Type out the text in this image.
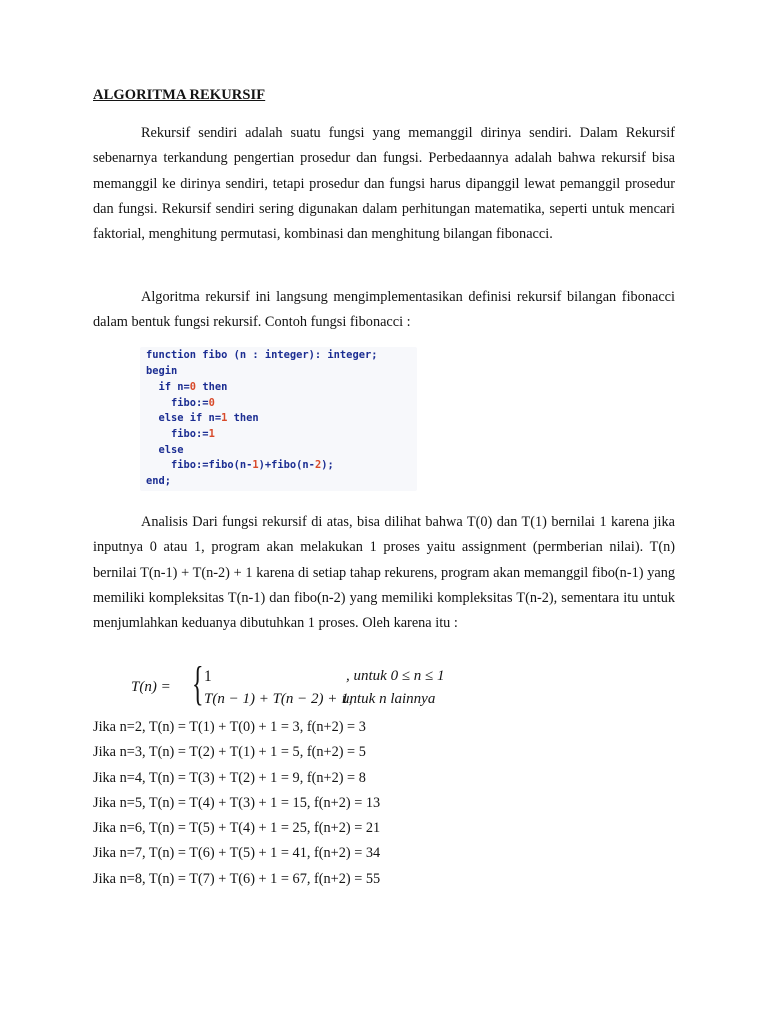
ALGORITMA REKURSIF

Rekursif sendiri adalah suatu fungsi yang memanggil dirinya sendiri. Dalam Rekursif sebenarnya terkandung pengertian prosedur dan fungsi. Perbedaannya adalah bahwa rekursif bisa memanggil ke dirinya sendiri, tetapi prosedur dan fungsi harus dipanggil lewat pemanggil prosedur dan fungsi. Rekursif sendiri sering digunakan dalam perhitungan matematika, seperti untuk mencari faktorial, menghitung permutasi, kombinasi dan menghitung bilangan fibonacci.

Algoritma rekursif ini langsung mengimplementasikan definisi rekursif bilangan fibonacci dalam bentuk fungsi rekursif. Contoh fungsi fibonacci :

function fibo (n : integer): integer;
begin
if n=0 then
fibo:=0
else if n=1 then
fibo:=1
else
fibo:=fibo(n-1)+fibo(n-2);
end;

Analisis Dari fungsi rekursif di atas, bisa dilihat bahwa T(0) dan T(1) bernilai 1 karena jika inputnya 0 atau 1, program akan melakukan 1 proses yaitu assignment (permberian nilai). T(n) bernilai T(n-1) + T(n-2) + 1 karena di setiap tahap rekurens, program akan memanggil fibo(n-1) yang memiliki kompleksitas T(n-1) dan fibo(n-2) yang memiliki kompleksitas T(n-2), sementara itu untuk menjumlahkan keduanya dibutuhkan 1 proses. Oleh karena itu :

T(n) = { 1	, untuk 0 ≤ n ≤ 1
T(n − 1) + T(n − 2) + 1,
untuk n lainnya
Jika n=2, T(n) = T(1) + T(0) + 1 = 3, f(n+2) = 3
Jika n=3, T(n) = T(2) + T(1) + 1 = 5, f(n+2) = 5
Jika n=4, T(n) = T(3) + T(2) + 1 = 9, f(n+2) = 8
Jika n=5, T(n) = T(4) + T(3) + 1 = 15, f(n+2) = 13
Jika n=6, T(n) = T(5) + T(4) + 1 = 25, f(n+2) = 21
Jika n=7, T(n) = T(6) + T(5) + 1 = 41, f(n+2) = 34
Jika n=8, T(n) = T(7) + T(6) + 1 = 67, f(n+2) = 55
